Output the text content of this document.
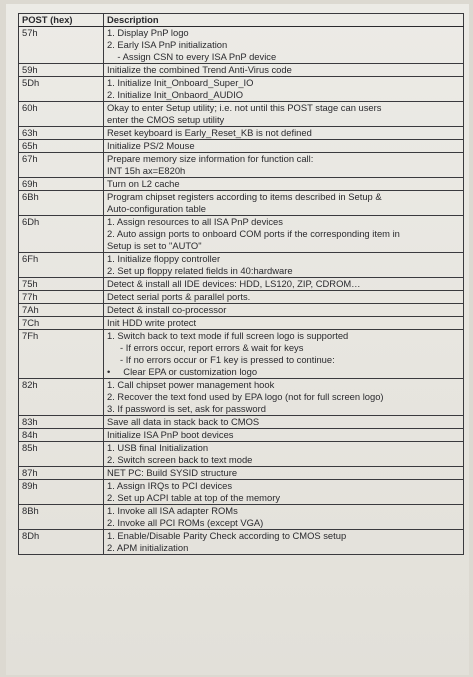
POST (hex)	Description
57h	1. Display PnP logo
2. Early ISA PnP initialization
- Assign CSN to every ISA PnP device

59h	Initialize the combined Trend Anti-Virus code

5Dh	1. Initialize Init_Onboard_Super_IO
2. Initialize Init_Onbaord_AUDIO

60h	Okay to enter Setup utility; i.e. not until this POST stage can users
enter the CMOS setup utility

63h	Reset keyboard is Early_Reset_KB is not defined

65h	Initialize PS/2 Mouse

67h	Prepare memory size information for function call:
INT 15h ax=E820h

69h	Turn on L2 cache

6Bh	Program chipset registers according to items described in Setup &
Auto-configuration table

6Dh	1. Assign resources to all ISA PnP devices
2. Auto assign ports to onboard COM ports if the corresponding item in
Setup is set to "AUTO"

6Fh	1. Initialize floppy controller
2. Set up floppy related fields in 40:hardware

75h	Detect & install all IDE devices: HDD, LS120, ZIP, CDROM…

77h	Detect serial ports & parallel ports.

7Ah	Detect & install co-processor

7Ch	Init HDD write protect

7Fh	1. Switch back to text mode if full screen logo is supported
- If errors occur, report errors & wait for keys
- If no errors occur or F1 key is pressed to continue:
•     Clear EPA or customization logo

82h	1. Call chipset power management hook
2. Recover the text fond used by EPA logo (not for full screen logo)
3. If password is set, ask for password

83h	Save all data in stack back to CMOS

84h	Initialize ISA PnP boot devices

85h	1. USB final Initialization
2. Switch screen back to text mode

87h	NET PC: Build SYSID structure

89h	1. Assign IRQs to PCI devices
2. Set up ACPI table at top of the memory

8Bh	1. Invoke all ISA adapter ROMs
2. Invoke all PCI ROMs (except VGA)

8Dh	1. Enable/Disable Parity Check according to CMOS setup
2. APM initialization
